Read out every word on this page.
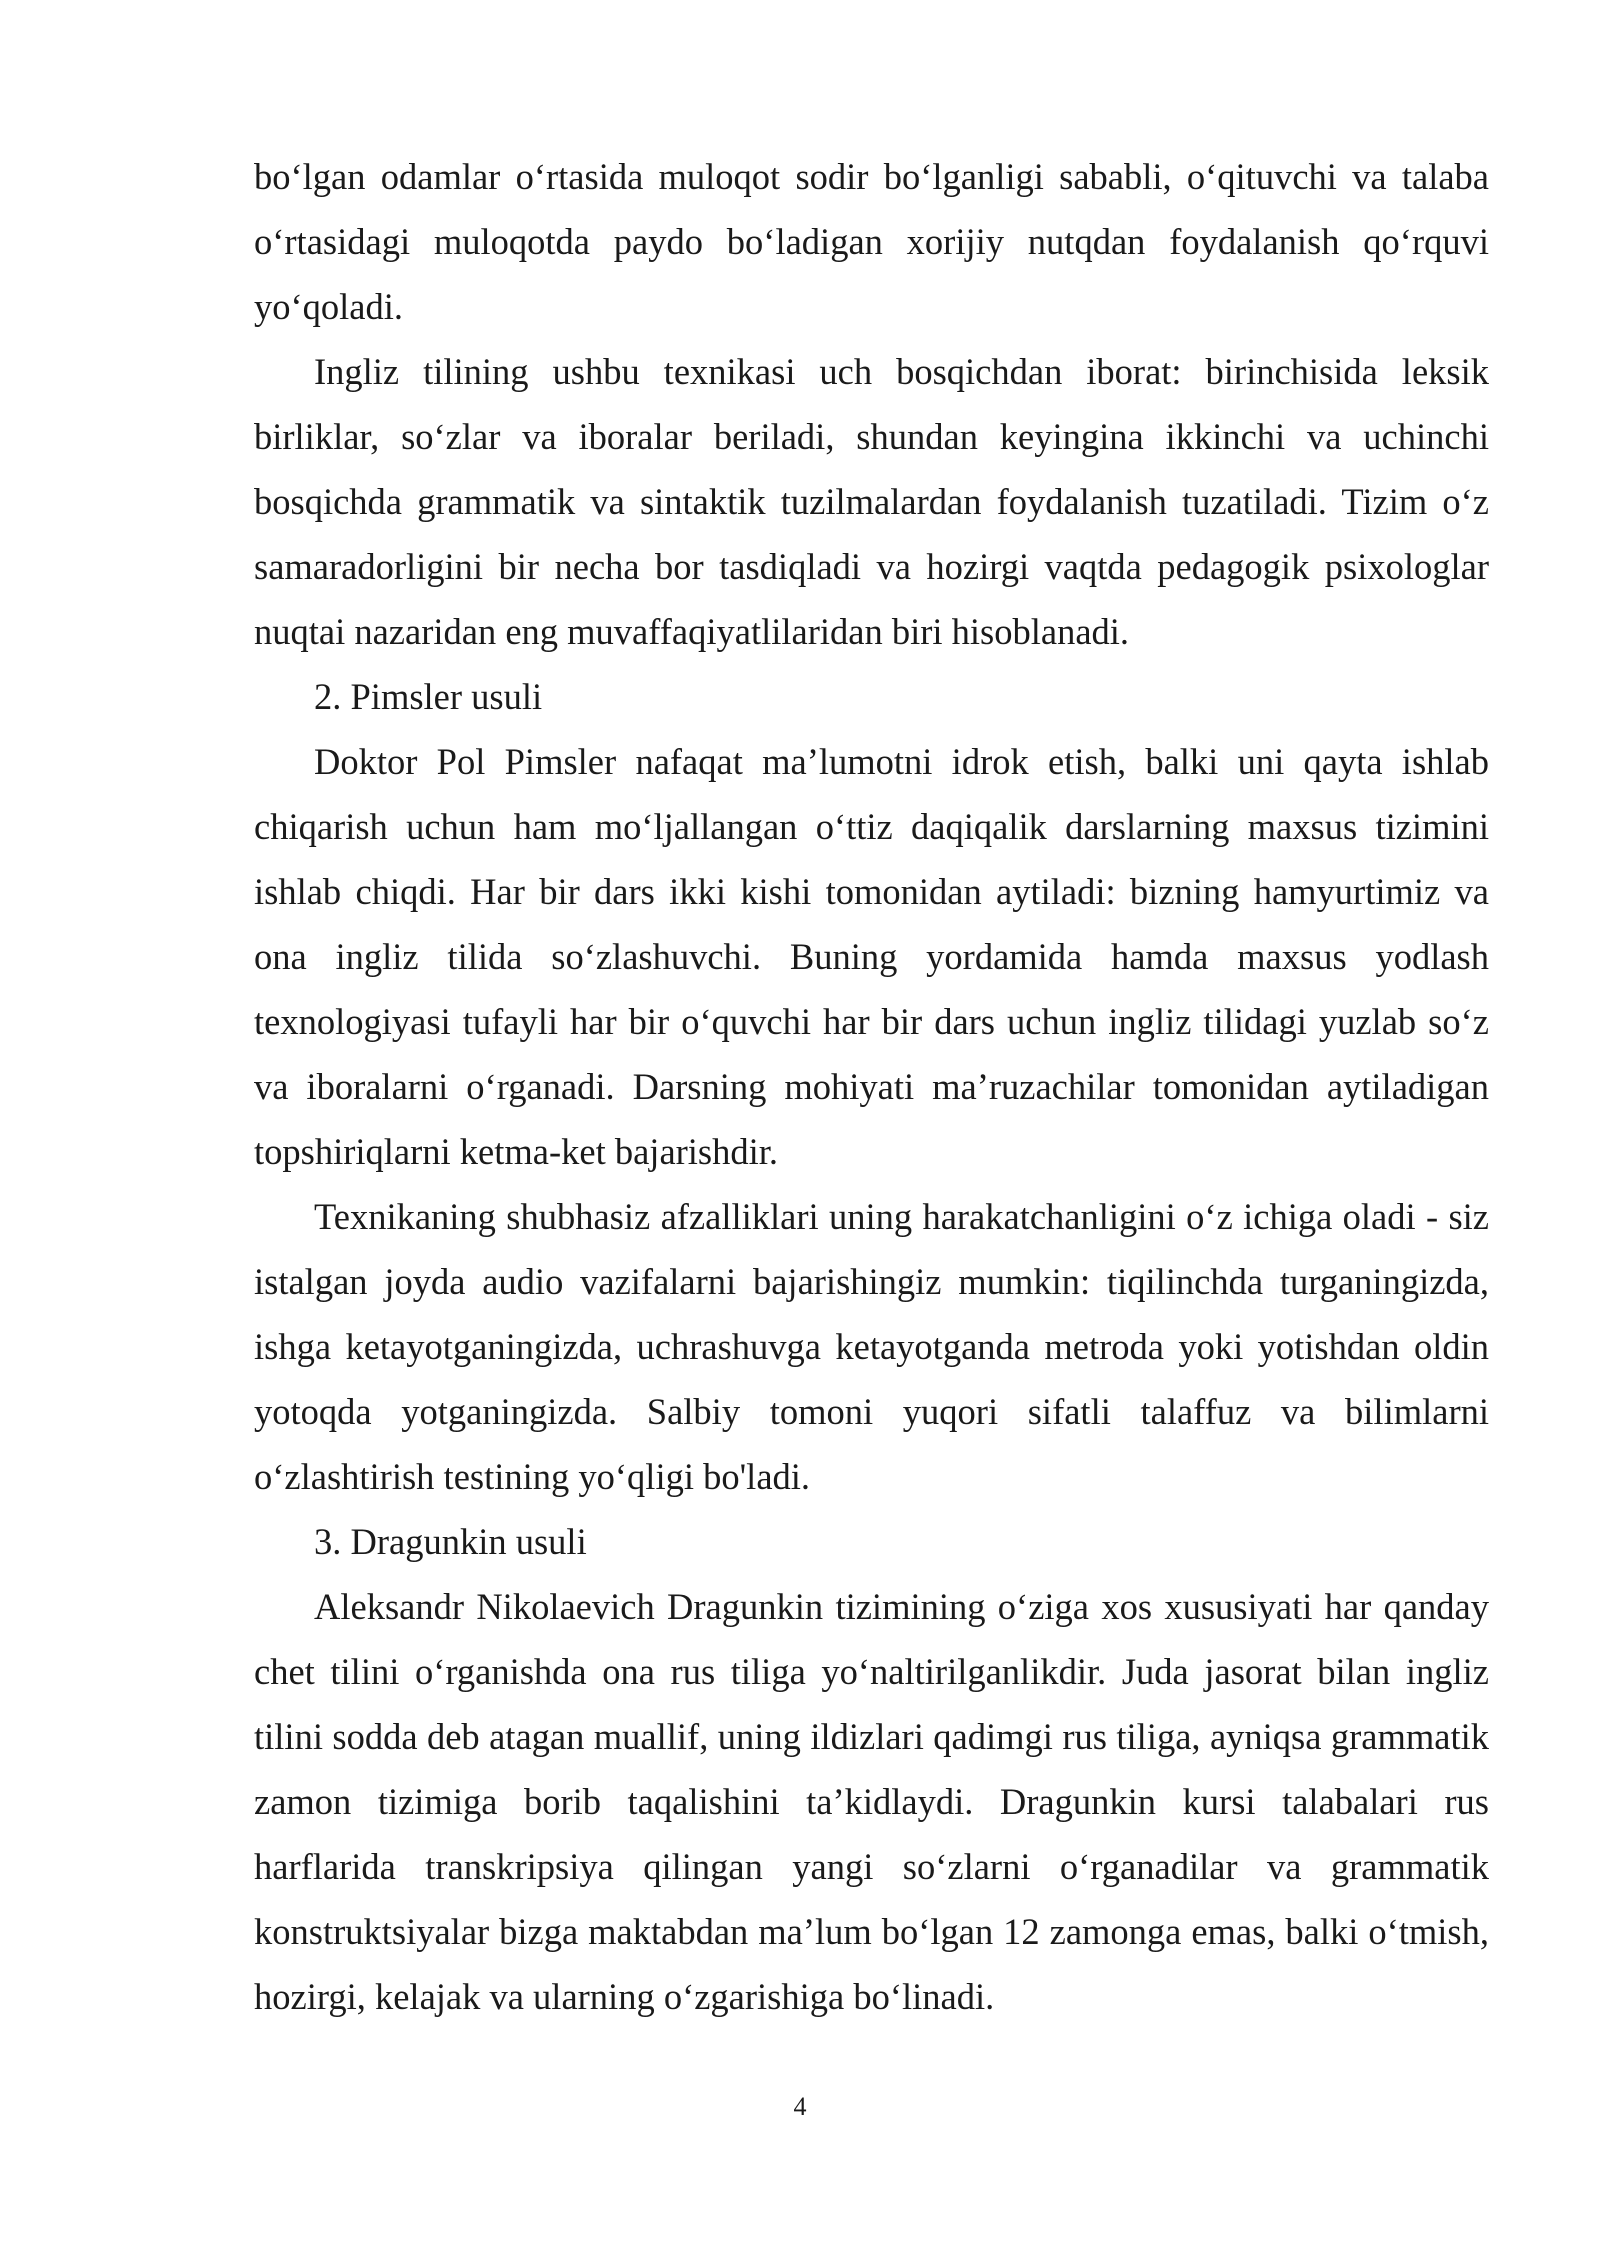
bo‘lgan odamlar o‘rtasida muloqot sodir bo‘lganligi sababli, o‘qituvchi va talaba o‘rtasidagi muloqotda paydo bo‘ladigan xorijiy nutqdan foydalanish qo‘rquvi yo‘qoladi.

Ingliz tilining ushbu texnikasi uch bosqichdan iborat: birinchisida leksik birliklar, so‘zlar va iboralar beriladi, shundan keyingina ikkinchi va uchinchi bosqichda grammatik va sintaktik tuzilmalardan foydalanish tuzatiladi. Tizim o‘z samaradorligini bir necha bor tasdiqladi va hozirgi vaqtda pedagogik psixologlar nuqtai nazaridan eng muvaffaqiyatlilaridan biri hisoblanadi.

2. Pimsler usuli

Doktor Pol Pimsler nafaqat ma’lumotni idrok etish, balki uni qayta ishlab chiqarish uchun ham mo‘ljallangan o‘ttiz daqiqalik darslarning maxsus tizimini ishlab chiqdi. Har bir dars ikki kishi tomonidan aytiladi: bizning hamyurtimiz va ona ingliz tilida so‘zlashuvchi. Buning yordamida hamda maxsus yodlash texnologiyasi tufayli har bir o‘quvchi har bir dars uchun ingliz tilidagi yuzlab so‘z va iboralarni o‘rganadi. Darsning mohiyati ma’ruzachilar tomonidan aytiladigan topshiriqlarni ketma-ket bajarishdir.

Texnikaning shubhasiz afzalliklari uning harakatchanligini o‘z ichiga oladi - siz istalgan joyda audio vazifalarni bajarishingiz mumkin: tiqilinchda turganingizda, ishga ketayotganingizda, uchrashuvga ketayotganda metroda yoki yotishdan oldin yotoqda yotganingizda. Salbiy tomoni yuqori sifatli talaffuz va bilimlarni o‘zlashtirish testining yo‘qligi bo'ladi.

3. Dragunkin usuli

Aleksandr Nikolaevich Dragunkin tizimining o‘ziga xos xususiyati har qanday chet tilini o‘rganishda ona rus tiliga yo‘naltirilganlikdir. Juda jasorat bilan ingliz tilini sodda deb atagan muallif, uning ildizlari qadimgi rus tiliga, ayniqsa grammatik zamon tizimiga borib taqalishini ta’kidlaydi. Dragunkin kursi talabalari rus harflarida transkripsiya qilingan yangi so‘zlarni o‘rganadilar va grammatik konstruktsiyalar bizga maktabdan ma’lum bo‘lgan 12 zamonga emas, balki o‘tmish, hozirgi, kelajak va ularning o‘zgarishiga bo‘linadi.

4
